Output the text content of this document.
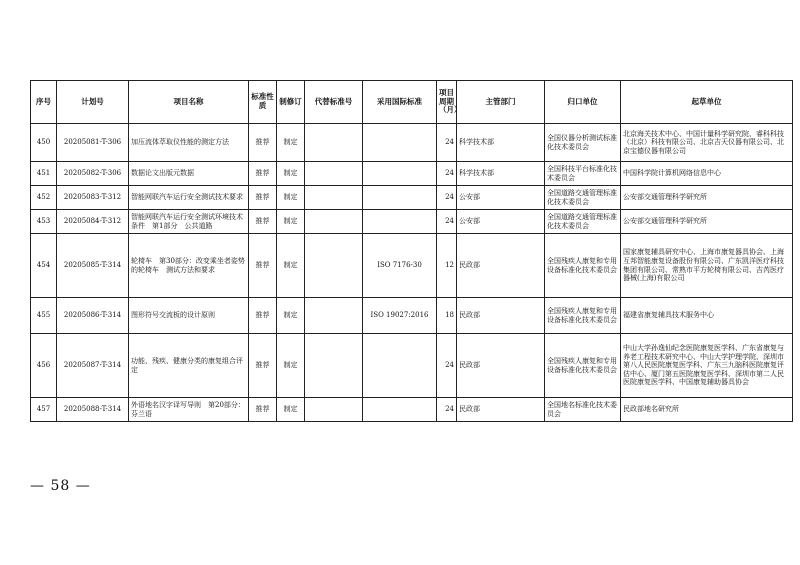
序号	计划号	项目名称	标准性质	制修订	代替标准号	采用国际标准	项目周期（月）	主管部门	归口单位	起草单位
450	20205081-T-306	加压流体萃取仪性能的测定方法	推荐	制定			24	科学技术部	全国仪器分析测试标准化技术委员会	北京海关技术中心、中国计量科学研究院、睿科科技（北京）科技有限公司、北京吉天仪器有限公司、北京宝德仪器有限公司
451	20205082-T-306	数据论文出版元数据	推荐	制定			24	科学技术部	全国科技平台标准化技术委员会	中国科学院计算机网络信息中心
452	20205083-T-312	智能网联汽车运行安全测试技术要求	推荐	制定			24	公安部	全国道路交通管理标准化技术委员会	公安部交通管理科学研究所
453	20205084-T-312	智能网联汽车运行安全测试环境技术条件　第1部分　公共道路	推荐	制定			24	公安部	全国道路交通管理标准化技术委员会	公安部交通管理科学研究所
454	20205085-T-314	轮椅车　第30部分：改变乘坐者姿势的轮椅车　测试方法和要求	推荐	制定		ISO 7176-30	12	民政部	全国残疾人康复和专用设备标准化技术委员会	国家康复辅具研究中心、上海市康复器具协会、上海互邦智能康复设备股份有限公司、广东凯洋医疗科技集团有限公司、常熟市平方轮椅有限公司、吉芮医疗器械(上海)有限公司
455	20205086-T-314	图形符号交流板的设计原则	推荐	制定		ISO 19027:2016	18	民政部	全国残疾人康复和专用设备标准化技术委员会	福建省康复辅具技术服务中心
456	20205087-T-314	功能、残疾、健康分类的康复组合评定	推荐	制定			24	民政部	全国残疾人康复和专用设备标准化技术委员会	中山大学孙逸仙纪念医院康复医学科、广东省康复与养老工程技术研究中心、中山大学护理学院、深圳市第八人民医院康复医学科、广东三九脑科医院康复评估中心、厦门第五医院康复医学科、深圳市第二人民医院康复医学科、中国康复辅助器具协会
457	20205088-T-314	外语地名汉字译写导则　第20部分：芬兰语	推荐	制定			24	民政部	全国地名标准化技术委员会	民政部地名研究所
— 58 —
